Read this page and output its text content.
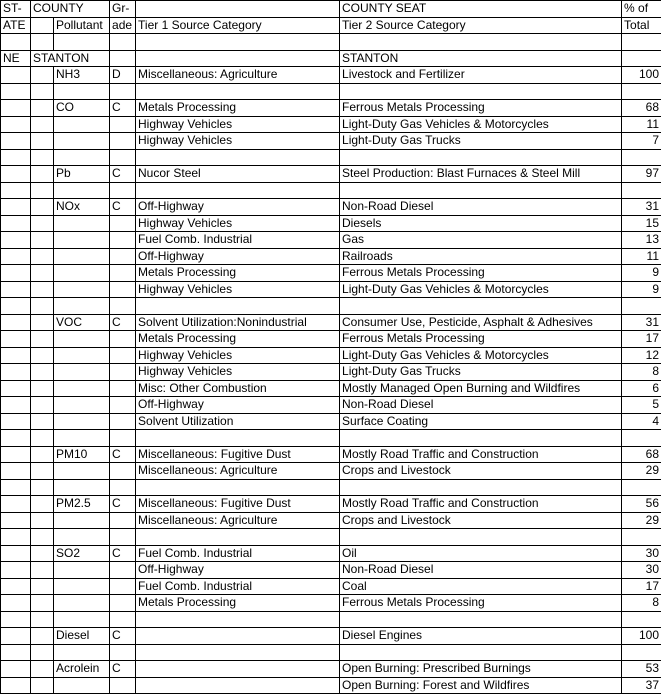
ST-	COUNTY		Gr-		COUNTY SEAT	% of
ATE		Pollutant	ade	Tier 1 Source Category	Tier 2 Source Category	Total

NE	STANTON				STANTON	
		NH3	D	Miscellaneous: Agriculture	Livestock and Fertilizer	100

		CO	C	Metals Processing	Ferrous Metals Processing	68
				Highway Vehicles	Light-Duty Gas Vehicles & Motorcycles	11
				Highway Vehicles	Light-Duty Gas Trucks	7

		Pb	C	Nucor Steel	Steel Production: Blast Furnaces & Steel Mill	97

		NOx	C	Off-Highway	Non-Road Diesel	31
				Highway Vehicles	Diesels	15
				Fuel Comb. Industrial	Gas	13
				Off-Highway	Railroads	11
				Metals Processing	Ferrous Metals Processing	9
				Highway Vehicles	Light-Duty Gas Vehicles & Motorcycles	9

		VOC	C	Solvent Utilization:Nonindustrial	Consumer Use, Pesticide, Asphalt & Adhesives	31
				Metals Processing	Ferrous Metals Processing	17
				Highway Vehicles	Light-Duty Gas Vehicles & Motorcycles	12
				Highway Vehicles	Light-Duty Gas Trucks	8
				Misc: Other Combustion	Mostly Managed Open Burning and Wildfires	6
				Off-Highway	Non-Road Diesel	5
				Solvent Utilization	Surface Coating	4

		PM10	C	Miscellaneous: Fugitive Dust	Mostly Road Traffic and Construction	68
				Miscellaneous: Agriculture	Crops and Livestock	29

		PM2.5	C	Miscellaneous: Fugitive Dust	Mostly Road Traffic and Construction	56
				Miscellaneous: Agriculture	Crops and Livestock	29

		SO2	C	Fuel Comb. Industrial	Oil	30
				Off-Highway	Non-Road Diesel	30
				Fuel Comb. Industrial	Coal	17
				Metals Processing	Ferrous Metals Processing	8

		Diesel	C		Diesel Engines	100

		Acrolein	C		Open Burning: Prescribed Burnings	53
					Open Burning: Forest and Wildfires	37
